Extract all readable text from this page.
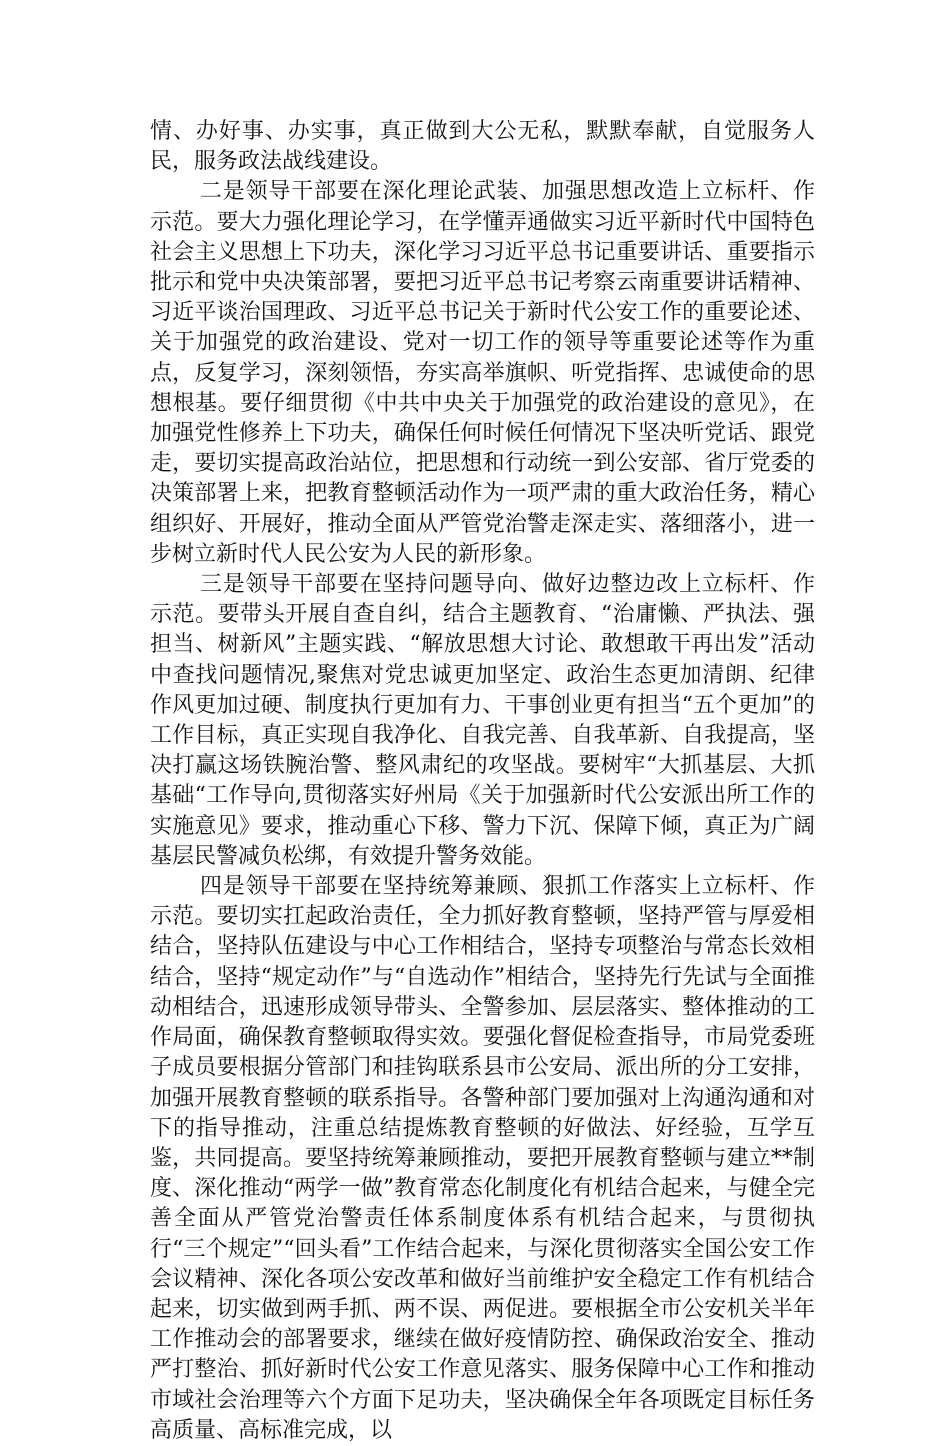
情、办好事、办实事，真正做到大公无私，默默奉献，自觉服务人民，服务政法战线建设。

二是领导干部要在深化理论武装、加强思想改造上立标杆、作示范。要大力强化理论学习，在学懂弄通做实习近平新时代中国特色社会主义思想上下功夫，深化学习习近平总书记重要讲话、重要指示批示和党中央决策部署，要把习近平总书记考察云南重要讲话精神、习近平谈治国理政、习近平总书记关于新时代公安工作的重要论述、关于加强党的政治建设、党对一切工作的领导等重要论述等作为重点，反复学习，深刻领悟，夯实高举旗帜、听党指挥、忠诚使命的思想根基。要仔细贯彻《中共中央关于加强党的政治建设的意见》，在加强党性修养上下功夫，确保任何时候任何情况下坚决听党话、跟党走，要切实提高政治站位，把思想和行动统一到公安部、省厅党委的决策部署上来，把教育整顿活动作为一项严肃的重大政治任务，精心组织好、开展好，推动全面从严管党治警走深走实、落细落小，进一步树立新时代人民公安为人民的新形象。

三是领导干部要在坚持问题导向、做好边整边改上立标杆、作示范。要带头开展自查自纠，结合主题教育、“治庸懒、严执法、强担当、树新风”主题实践、“解放思想大讨论、敢想敢干再出发”活动中查找问题情况,聚焦对党忠诚更加坚定、政治生态更加清朗、纪律作风更加过硬、制度执行更加有力、干事创业更有担当“五个更加”的工作目标，真正实现自我净化、自我完善、自我革新、自我提高，坚决打赢这场铁腕治警、整风肃纪的攻坚战。要树牢“大抓基层、大抓基础“工作导向,贯彻落实好州局《关于加强新时代公安派出所工作的实施意见》要求，推动重心下移、警力下沉、保障下倾，真正为广阔基层民警减负松绑，有效提升警务效能。

四是领导干部要在坚持统筹兼顾、狠抓工作落实上立标杆、作示范。要切实扛起政治责任，全力抓好教育整顿，坚持严管与厚爱相结合，坚持队伍建设与中心工作相结合，坚持专项整治与常态长效相结合，坚持“规定动作”与“自选动作”相结合，坚持先行先试与全面推动相结合，迅速形成领导带头、全警参加、层层落实、整体推动的工作局面，确保教育整顿取得实效。要强化督促检查指导，市局党委班子成员要根据分管部门和挂钩联系县市公安局、派出所的分工安排，加强开展教育整顿的联系指导。各警种部门要加强对上沟通沟通和对下的指导推动，注重总结提炼教育整顿的好做法、好经验，互学互鉴，共同提高。要坚持统筹兼顾推动，要把开展教育整顿与建立**制度、深化推动“两学一做”教育常态化制度化有机结合起来，与健全完善全面从严管党治警责任体系制度体系有机结合起来，与贯彻执行“三个规定”“回头看”工作结合起来，与深化贯彻落实全国公安工作会议精神、深化各项公安改革和做好当前维护安全稳定工作有机结合起来，切实做到两手抓、两不误、两促进。要根据全市公安机关半年工作推动会的部署要求，继续在做好疫情防控、确保政治安全、推动严打整治、抓好新时代公安工作意见落实、服务保障中心工作和推动市域社会治理等六个方面下足功夫，坚决确保全年各项既定目标任务高质量、高标准完成，以
